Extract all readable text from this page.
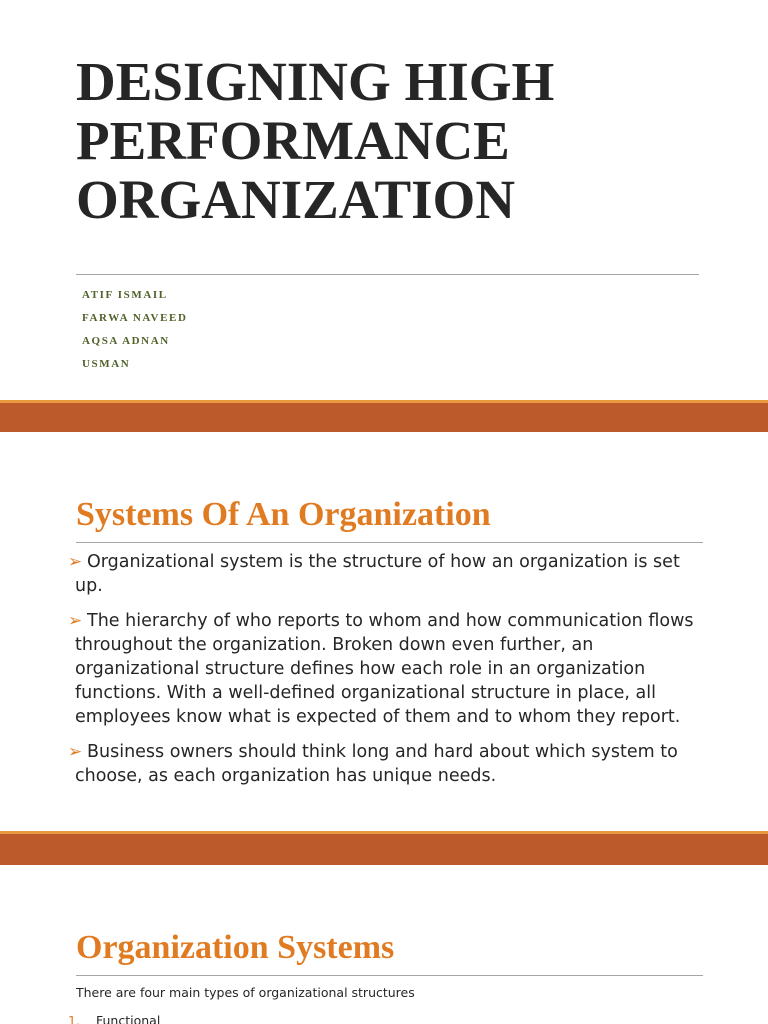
DESIGNING HIGH
PERFORMANCE
ORGANIZATION
ATIF ISMAIL
FARWA NAVEED
AQSA ADNAN
USMAN
Systems Of An Organization
➢ Organizational system is the structure of how an organization is set up.
➢ The hierarchy of who reports to whom and how communication flows throughout the organization. Broken down even further, an organizational structure defines how each role in an organization functions. With a well-defined organizational structure in place, all employees know what is expected of them and to whom they report.
➢ Business owners should think long and hard about which system to choose, as each organization has unique needs.
Organization Systems

There are four main types of organizational structures

1. Functional
